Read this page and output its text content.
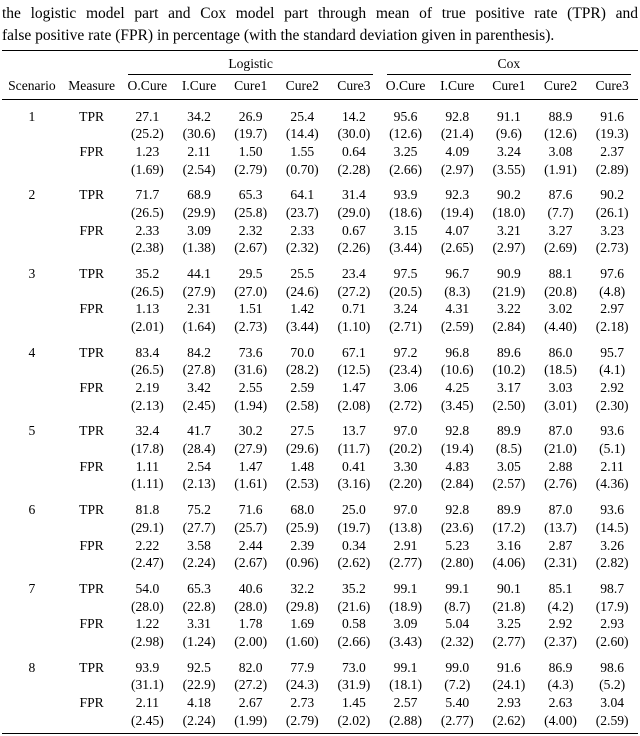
the logistic model part and Cox model part through mean of true positive rate (TPR) and
false positive rate (FPR) in percentage (with the standard deviation given in parenthesis).

		Logistic					Cox				
Scenario	Measure	O.Cure	I.Cure	Cure1	Cure2	Cure3	O.Cure	I.Cure	Cure1	Cure2	Cure3
1	TPR	27.1	34.2	26.9	25.4	14.2	95.6	92.8	91.1	88.9	91.6
		(25.2)	(30.6)	(19.7)	(14.4)	(30.0)	(12.6)	(21.4)	(9.6)	(12.6)	(19.3)
	FPR	1.23	2.11	1.50	1.55	0.64	3.25	4.09	3.24	3.08	2.37
		(1.69)	(2.54)	(2.79)	(0.70)	(2.28)	(2.66)	(2.97)	(3.55)	(1.91)	(2.89)
2	TPR	71.7	68.9	65.3	64.1	31.4	93.9	92.3	90.2	87.6	90.2
		(26.5)	(29.9)	(25.8)	(23.7)	(29.0)	(18.6)	(19.4)	(18.0)	(7.7)	(26.1)
	FPR	2.33	3.09	2.32	2.33	0.67	3.15	4.07	3.21	3.27	3.23
		(2.38)	(1.38)	(2.67)	(2.32)	(2.26)	(3.44)	(2.65)	(2.97)	(2.69)	(2.73)
3	TPR	35.2	44.1	29.5	25.5	23.4	97.5	96.7	90.9	88.1	97.6
		(26.5)	(27.9)	(27.0)	(24.6)	(27.2)	(20.5)	(8.3)	(21.9)	(20.8)	(4.8)
	FPR	1.13	2.31	1.51	1.42	0.71	3.24	4.31	3.22	3.02	2.97
		(2.01)	(1.64)	(2.73)	(3.44)	(1.10)	(2.71)	(2.59)	(2.84)	(4.40)	(2.18)
4	TPR	83.4	84.2	73.6	70.0	67.1	97.2	96.8	89.6	86.0	95.7
		(26.5)	(27.8)	(31.6)	(28.2)	(12.5)	(23.4)	(10.6)	(10.2)	(18.5)	(4.1)
	FPR	2.19	3.42	2.55	2.59	1.47	3.06	4.25	3.17	3.03	2.92
		(2.13)	(2.45)	(1.94)	(2.58)	(2.08)	(2.72)	(3.45)	(2.50)	(3.01)	(2.30)
5	TPR	32.4	41.7	30.2	27.5	13.7	97.0	92.8	89.9	87.0	93.6
		(17.8)	(28.4)	(27.9)	(29.6)	(11.7)	(20.2)	(19.4)	(8.5)	(21.0)	(5.1)
	FPR	1.11	2.54	1.47	1.48	0.41	3.30	4.83	3.05	2.88	2.11
		(1.11)	(2.13)	(1.61)	(2.53)	(3.16)	(2.20)	(2.84)	(2.57)	(2.76)	(4.36)
6	TPR	81.8	75.2	71.6	68.0	25.0	97.0	92.8	89.9	87.0	93.6
		(29.1)	(27.7)	(25.7)	(25.9)	(19.7)	(13.8)	(23.6)	(17.2)	(13.7)	(14.5)
	FPR	2.22	3.58	2.44	2.39	0.34	2.91	5.23	3.16	2.87	3.26
		(2.47)	(2.24)	(2.67)	(0.96)	(2.62)	(2.77)	(2.80)	(4.06)	(2.31)	(2.82)
7	TPR	54.0	65.3	40.6	32.2	35.2	99.1	99.1	90.1	85.1	98.7
		(28.0)	(22.8)	(28.0)	(29.8)	(21.6)	(18.9)	(8.7)	(21.8)	(4.2)	(17.9)
	FPR	1.22	3.31	1.78	1.69	0.58	3.09	5.04	3.25	2.92	2.93
		(2.98)	(1.24)	(2.00)	(1.60)	(2.66)	(3.43)	(2.32)	(2.77)	(2.37)	(2.60)
8	TPR	93.9	92.5	82.0	77.9	73.0	99.1	99.0	91.6	86.9	98.6
		(31.1)	(22.9)	(27.2)	(24.3)	(31.9)	(18.1)	(7.2)	(24.1)	(4.3)	(5.2)
	FPR	2.11	4.18	2.67	2.73	1.45	2.57	5.40	2.93	2.63	3.04
		(2.45)	(2.24)	(1.99)	(2.79)	(2.02)	(2.88)	(2.77)	(2.62)	(4.00)	(2.59)
